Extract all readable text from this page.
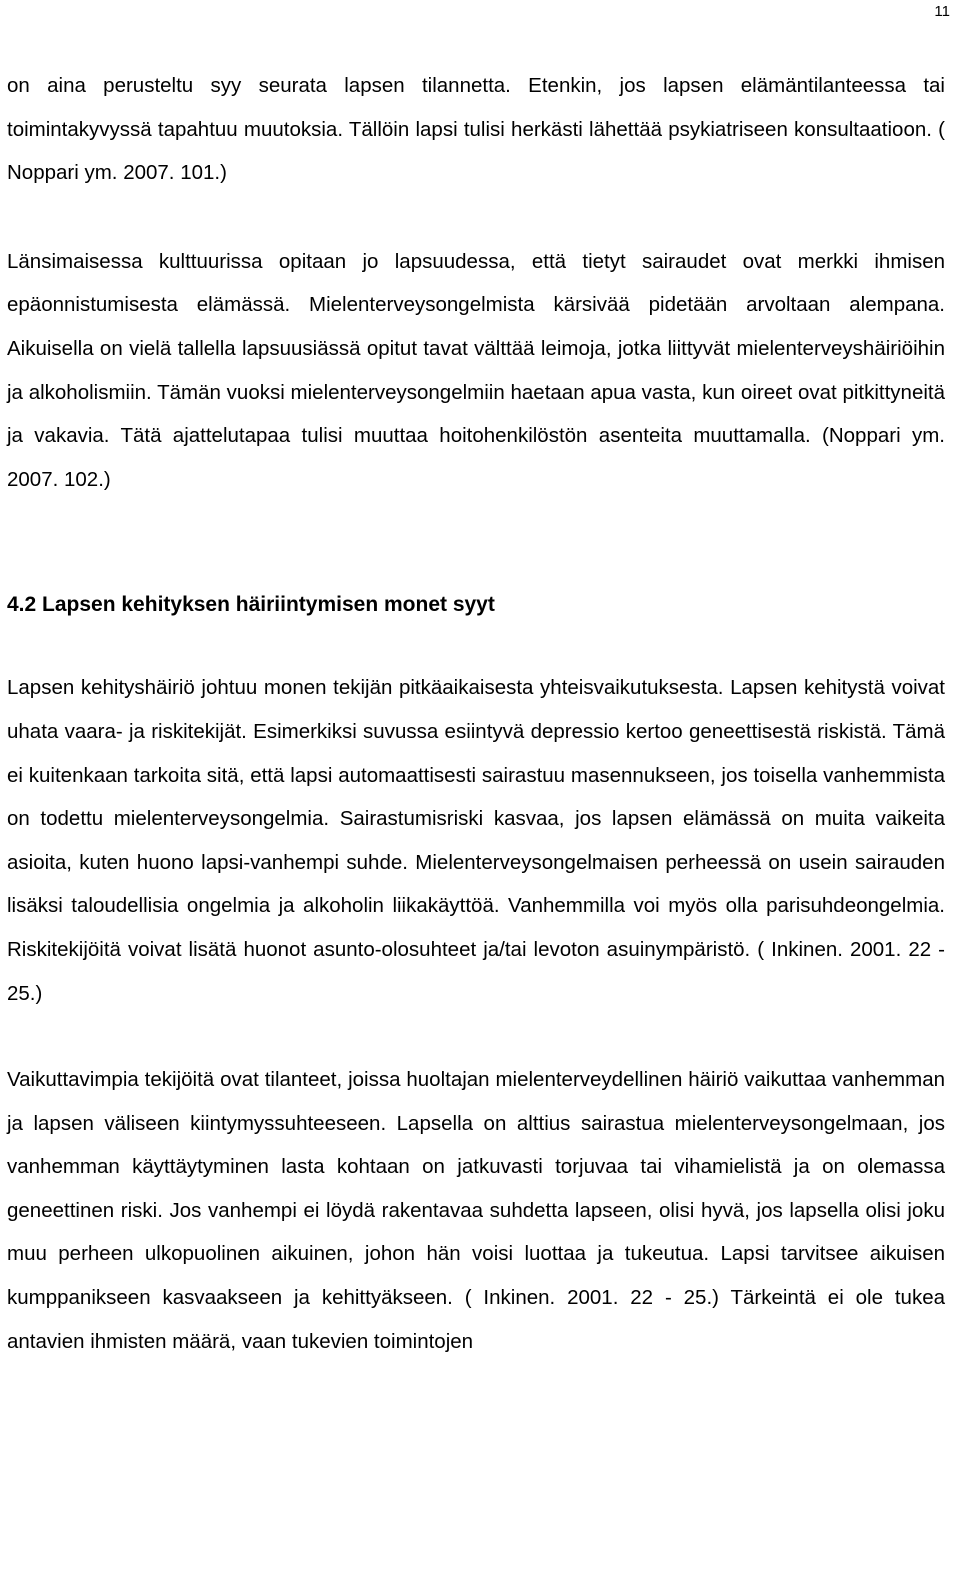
11

on aina perusteltu syy seurata lapsen tilannetta. Etenkin, jos lapsen elämäntilanteessa tai toimintakyvyssä tapahtuu muutoksia. Tällöin lapsi tulisi herkästi lähettää psykiatriseen konsultaatioon. ( Noppari ym. 2007. 101.)

Länsimaisessa kulttuurissa opitaan jo lapsuudessa, että tietyt sairaudet ovat merkki ihmisen epäonnistumisesta elämässä. Mielenterveysongelmista kärsivää pidetään arvoltaan alempana. Aikuisella on vielä tallella lapsuusiässä opitut tavat välttää leimoja, jotka liittyvät mielenterveyshäiriöihin ja alkoholismiin. Tämän vuoksi mielenterveysongelmiin haetaan apua vasta, kun oireet ovat pitkittyneitä ja vakavia. Tätä ajattelutapaa tulisi muuttaa hoitohenkilöstön asenteita muuttamalla. (Noppari ym. 2007. 102.)

4.2 Lapsen kehityksen häiriintymisen monet syyt

Lapsen kehityshäiriö johtuu monen tekijän pitkäaikaisesta yhteisvaikutuksesta. Lapsen kehitystä voivat uhata vaara- ja riskitekijät. Esimerkiksi suvussa esiintyvä depressio kertoo geneettisestä riskistä. Tämä ei kuitenkaan tarkoita sitä, että lapsi automaattisesti sairastuu masennukseen, jos toisella vanhemmista on todettu mielenterveysongelmia. Sairastumisriski kasvaa, jos lapsen elämässä on muita vaikeita asioita, kuten huono lapsi-vanhempi suhde. Mielenterveysongelmaisen perheessä on usein sairauden lisäksi taloudellisia ongelmia ja alkoholin liikakäyttöä. Vanhemmilla voi myös olla parisuhdeongelmia. Riskitekijöitä voivat lisätä huonot asunto-olosuhteet ja/tai levoton asuinympäristö. ( Inkinen. 2001. 22 - 25.)

Vaikuttavimpia tekijöitä ovat tilanteet, joissa huoltajan mielenterveydellinen häiriö vaikuttaa vanhemman ja lapsen väliseen kiintymyssuhteeseen. Lapsella on alttius sairastua mielenterveysongelmaan, jos vanhemman käyttäytyminen lasta kohtaan on jatkuvasti torjuvaa tai vihamielistä ja on olemassa geneettinen riski. Jos vanhempi ei löydä rakentavaa suhdetta lapseen, olisi hyvä, jos lapsella olisi joku muu perheen ulkopuolinen aikuinen, johon hän voisi luottaa ja tukeutua. Lapsi tarvitsee aikuisen kumppanikseen kasvaakseen ja kehittyäkseen. ( Inkinen. 2001. 22 - 25.) Tärkeintä ei ole tukea antavien ihmisten määrä, vaan tukevien toimintojen
